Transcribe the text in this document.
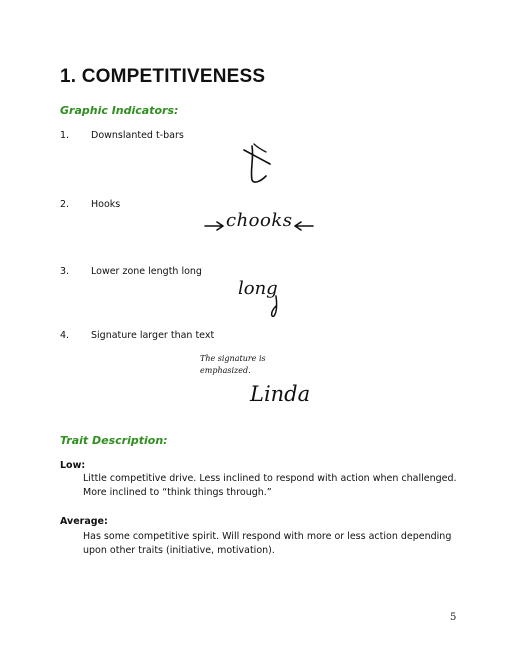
1. COMPETITIVENESS
Graphic Indicators:
1. Downslanted t-bars
2. Hooks
chooks
3. Lower zone length long
long
4. Signature larger than text
The signature is
emphasized.
Linda
Trait Description:
Low:
Little competitive drive. Less inclined to respond with action when challenged. More inclined to “think things through.”
Average:
Has some competitive spirit. Will respond with more or less action depending upon other traits (initiative, motivation).
5
